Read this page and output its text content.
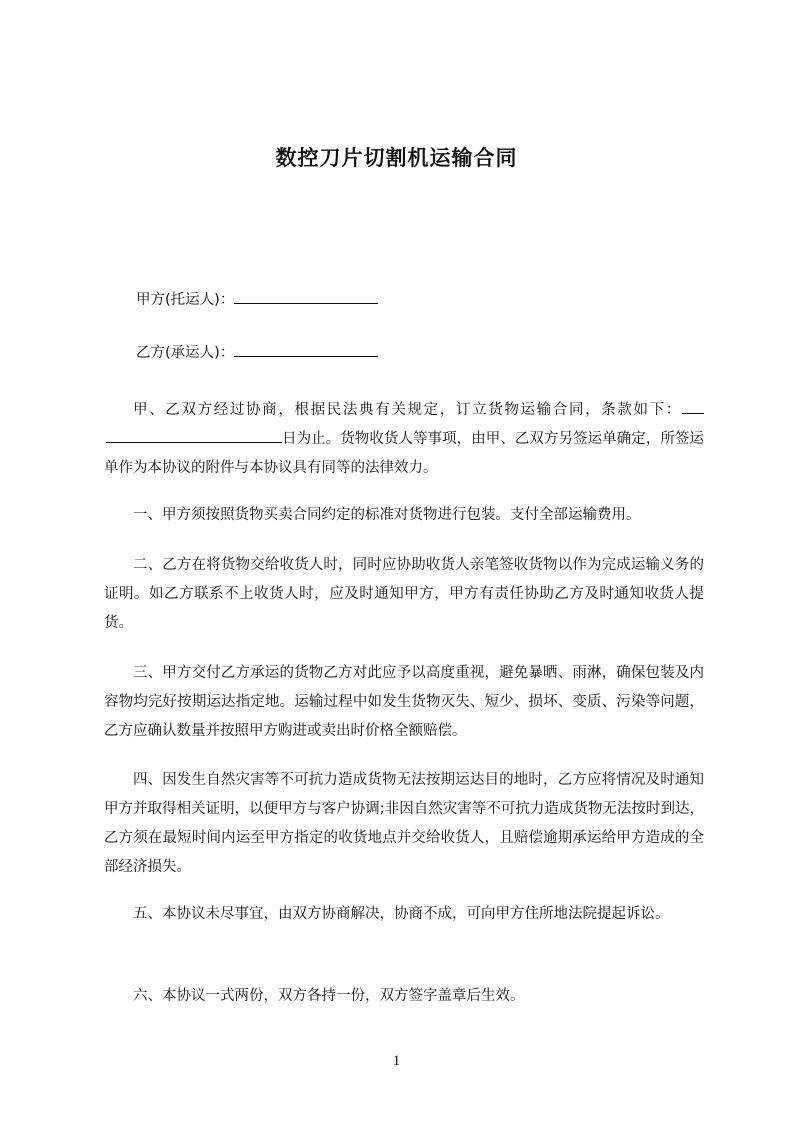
数控刀片切割机运输合同
甲方(托运人)：
乙方(承运人)：

甲、乙双方经过协商，根据民法典有关规定，订立货物运输合同，条款如下：日为止。货物收货人等事项，由甲、乙双方另签运单确定，所签运单作为本协议的附件与本协议具有同等的法律效力。

一、甲方须按照货物买卖合同约定的标准对货物进行包装。支付全部运输费用。

二、乙方在将货物交给收货人时，同时应协助收货人亲笔签收货物以作为完成运输义务的证明。如乙方联系不上收货人时，应及时通知甲方，甲方有责任协助乙方及时通知收货人提货。

三、甲方交付乙方承运的货物乙方对此应予以高度重视，避免暴晒、雨淋，确保包装及内容物均完好按期运达指定地。运输过程中如发生货物灭失、短少、损坏、变质、污染等问题，乙方应确认数量并按照甲方购进或卖出时价格全额赔偿。

四、因发生自然灾害等不可抗力造成货物无法按期运达目的地时，乙方应将情况及时通知甲方并取得相关证明，以便甲方与客户协调;非因自然灾害等不可抗力造成货物无法按时到达，乙方须在最短时间内运至甲方指定的收货地点并交给收货人，且赔偿逾期承运给甲方造成的全部经济损失。

五、本协议未尽事宜，由双方协商解决，协商不成，可向甲方住所地法院提起诉讼。

六、本协议一式两份，双方各持一份，双方签字盖章后生效。

1
